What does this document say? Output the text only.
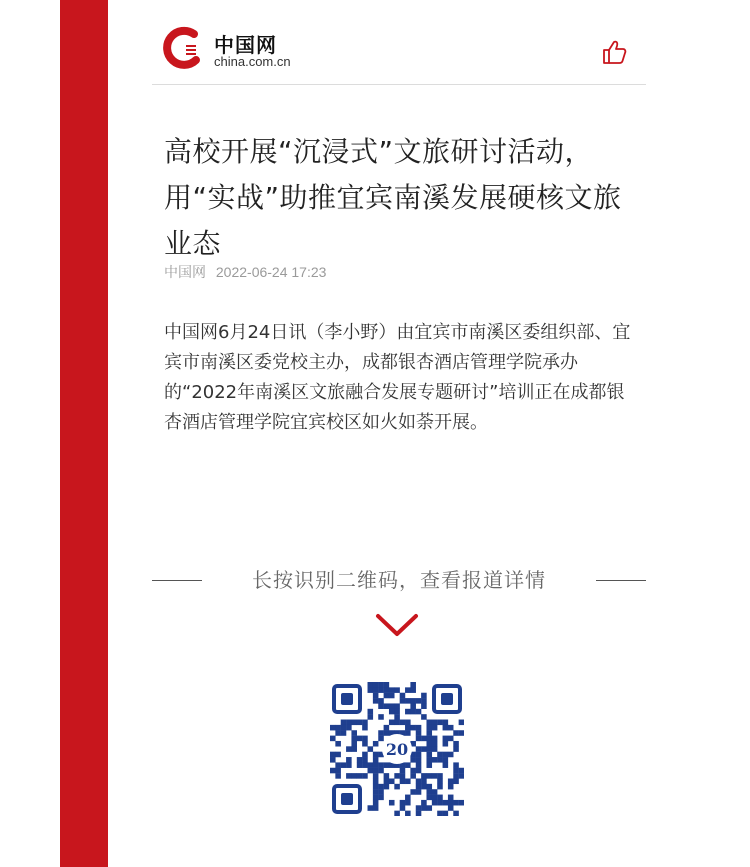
中国网
china.com.cn
高校开展“沉浸式”文旅研讨活动，用“实战”助推宜宾南溪发展硬核文旅业态
中国网 2022-06-24 17:23

中国网6月24日讯（李小野）由宜宾市南溪区委组织部、宜宾市南溪区委党校主办，成都银杏酒店管理学院承办的“2022年南溪区文旅融合发展专题研讨”培训正在成都银杏酒店管理学院宜宾校区如火如荼开展。

长按识别二维码，查看报道详情
20
